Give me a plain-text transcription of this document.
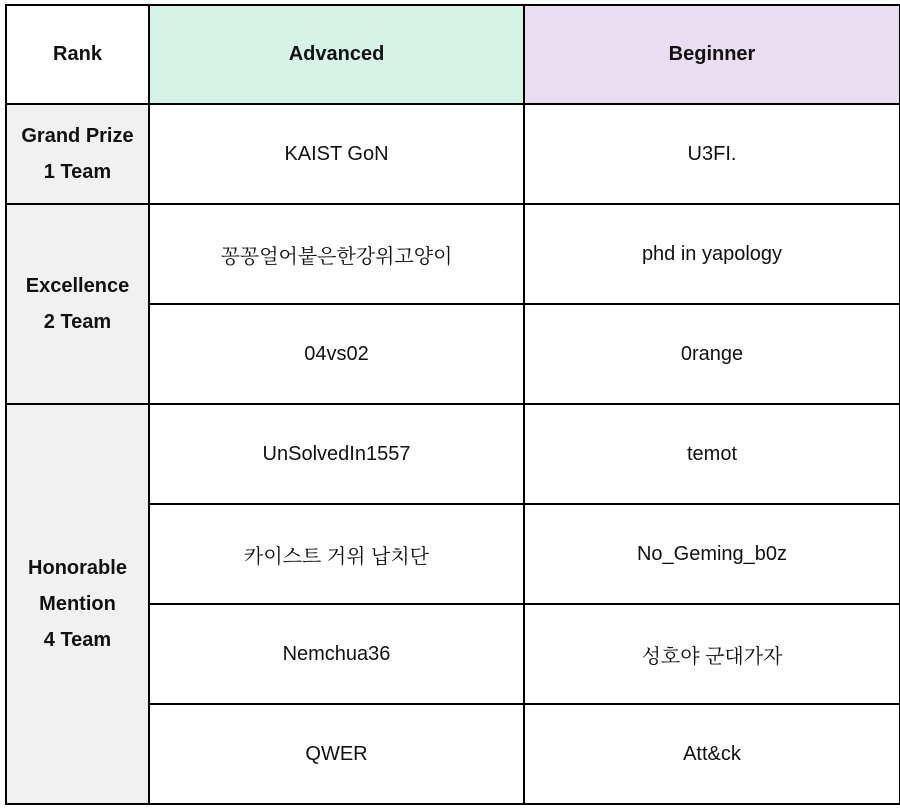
Rank	Advanced	Beginner

Grand Prize
1 Team	KAIST GoN	U3FI.

Excellence
2 Team	꽁꽁얼어붙은한강위고양이	phd in yapology
	04vs02	0range

Honorable
Mention
4 Team	UnSolvedIn1557	temot
	카이스트 거위 납치단	No_Geming_b0z
	Nemchua36	성호야 군대가자
	QWER	Att&ck
